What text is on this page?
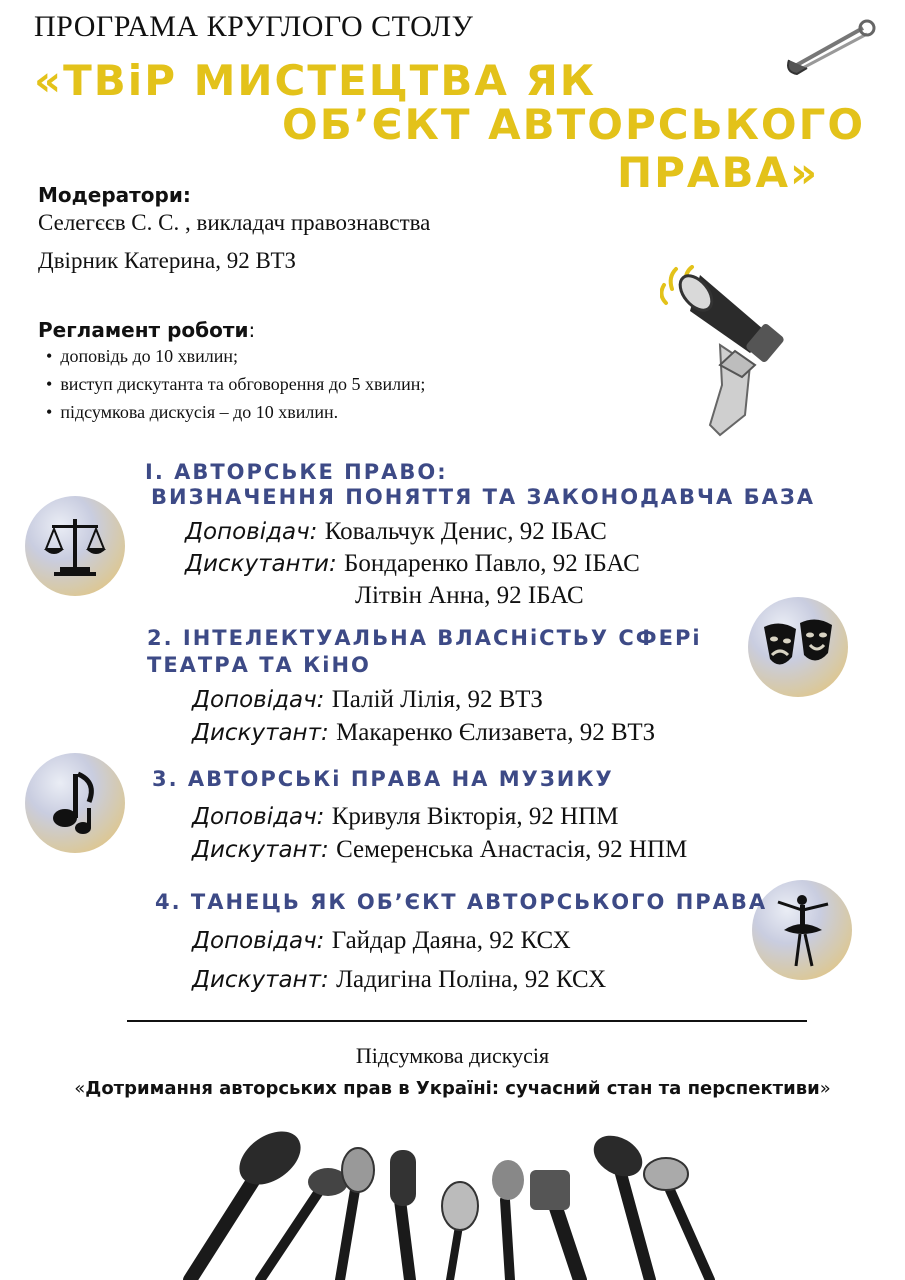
ПРОГРАМА КРУГЛОГО СТОЛУ
«ТВіР МИСТЕЦТВА ЯК
ОБ’ЄКТ АВТОРСЬКОГО
ПРАВА»
Модератори:
Селегєєв С. С. , викладач правознавства
Двірник Катерина, 92 ВТЗ
Регламент роботи:
• доповідь до 10 хвилин;
• виступ дискутанта та обговорення до 5 хвилин;
• підсумкова дискусія – до 10 хвилин.
І. АВТОРСЬКЕ ПРАВО:
ВИЗНАЧЕННЯ ПОНЯТТЯ ТА ЗАКОНОДАВЧА БАЗА
Доповідач: Ковальчук Денис, 92 ІБАС
Дискутанти: Бондаренко Павло, 92 ІБАС
Літвін Анна, 92 ІБАС
2. ІНТЕЛЕКТУАЛЬНА ВЛАСНіСТЬУ СФЕРі
ТЕАТРА ТА КіНО
Доповідач: Палій Лілія, 92 ВТЗ
Дискутант: Макаренко Єлизавета, 92 ВТЗ
3. АВТОРСЬКі ПРАВА НА МУЗИКУ
Доповідач: Кривуля Вікторія, 92 НПМ
Дискутант: Семеренська Анастасія, 92 НПМ
4. ТАНЕЦЬ ЯК ОБ’ЄКТ АВТОРСЬКОГО ПРАВА
Доповідач: Гайдар Даяна, 92 КСХ
Дискутант: Ладигіна Поліна, 92 КСХ
Підсумкова дискусія
«Дотримання авторських прав в Україні: сучасний стан та перспективи»
